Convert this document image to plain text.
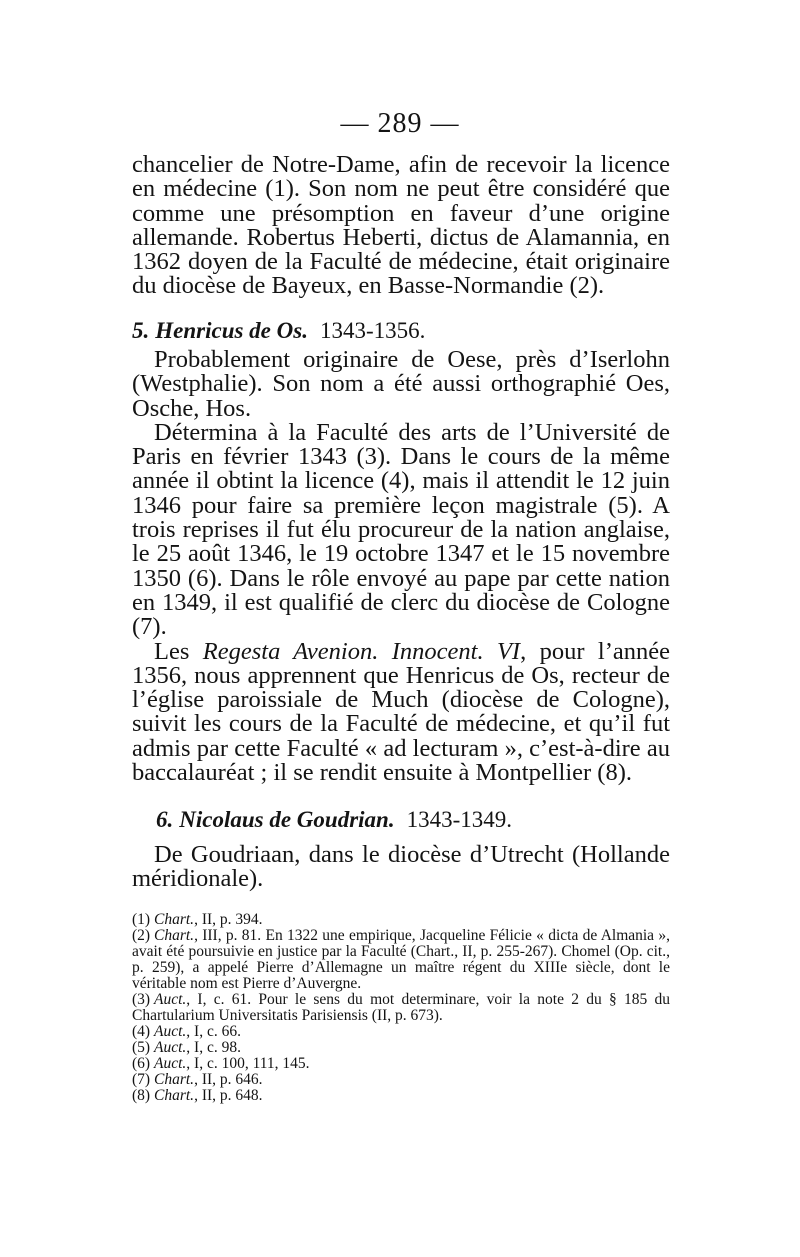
— 289 —

chancelier de Notre-Dame, afin de recevoir la licence en médecine (1). Son nom ne peut être considéré que comme une présomption en faveur d’une origine allemande. Robertus Heberti, dictus de Alamannia, en 1362 doyen de la Faculté de médecine, était originaire du diocèse de Bayeux, en Basse-Normandie (2).

5. Henricus de Os. 1343-1356.

Probablement originaire de Oese, près d’Iserlohn (Westphalie). Son nom a été aussi orthographié Oes, Osche, Hos.

Détermina à la Faculté des arts de l’Université de Paris en février 1343 (3). Dans le cours de la même année il obtint la licence (4), mais il attendit le 12 juin 1346 pour faire sa première leçon magistrale (5). A trois reprises il fut élu procureur de la nation anglaise, le 25 août 1346, le 19 octobre 1347 et le 15 novembre 1350 (6). Dans le rôle envoyé au pape par cette nation en 1349, il est qualifié de clerc du diocèse de Cologne (7).

Les Regesta Avenion. Innocent. VI, pour l’année 1356, nous apprennent que Henricus de Os, recteur de l’église paroissiale de Much (diocèse de Cologne), suivit les cours de la Faculté de médecine, et qu’il fut admis par cette Faculté « ad lecturam », c’est-à-dire au baccalauréat ; il se rendit ensuite à Montpellier (8).

6. Nicolaus de Goudrian. 1343-1349.

De Goudriaan, dans le diocèse d’Utrecht (Hollande méridionale).

(1) Chart., II, p. 394.

(2) Chart., III, p. 81. En 1322 une empirique, Jacqueline Félicie « dicta de Almania », avait été poursuivie en justice par la Faculté (Chart., II, p. 255-267). Chomel (Op. cit., p. 259), a appelé Pierre d’Allemagne un maître régent du XIIIe siècle, dont le véritable nom est Pierre d’Auvergne.

(3) Auct., I, c. 61. Pour le sens du mot determinare, voir la note 2 du § 185 du Chartularium Universitatis Parisiensis (II, p. 673).

(4) Auct., I, c. 66.

(5) Auct., I, c. 98.

(6) Auct., I, c. 100, 111, 145.

(7) Chart., II, p. 646.

(8) Chart., II, p. 648.
